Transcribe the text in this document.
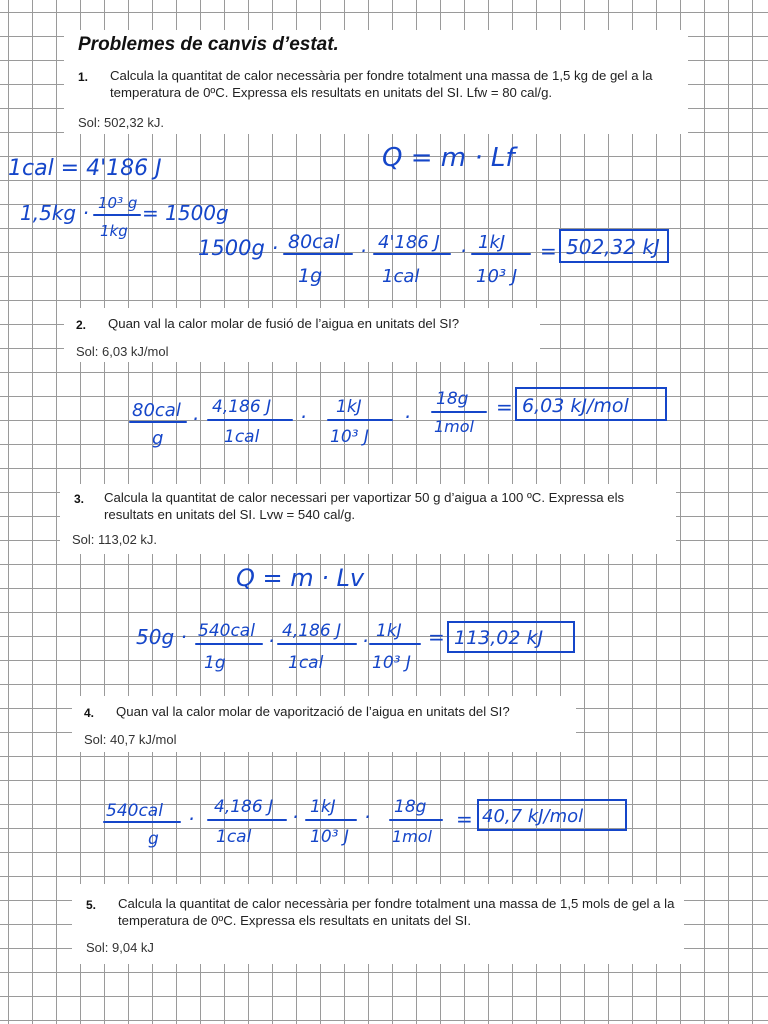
Problemes de canvis d’estat.
1. Calcula la quantitat de calor necessària per fondre totalment una massa de 1,5 kg de gel a la temperatura de 0ºC. Expressa els resultats en unitats del SI. Lfw = 80 cal/g.
Sol: 502,32 kJ.
2. Quan val la calor molar de fusió de l’aigua en unitats del SI?
Sol: 6,03 kJ/mol
3. Calcula la quantitat de calor necessari per vaportizar 50 g d’aigua a 100 ºC. Expressa els resultats en unitats del SI. Lvw = 540 cal/g.
Sol: 113,02 kJ.
4. Quan val la calor molar de vaporització de l’aigua en unitats del SI?
Sol: 40,7 kJ/mol
5. Calcula la quantitat de calor necessària per fondre totalment una massa de 1,5 mols de gel a la temperatura de 0ºC. Expressa els resultats en unitats del SI.
Sol: 9,04 kJ
Q = m · Lf
1cal = 4'186 J
1,5kg · 10³ g
1kg
= 1500g
1500g · 80cal
1g
· 4'186 J
1cal
· 1kJ
10³ J
= 502,32 kJ
80cal
g
· 4,186 J
1cal
· 1kJ
10³ J
·
18g
1mol
= 6,03 kJ/mol
Q = m · Lv
50g · 540cal
1g
· 4,186 J
1cal
· 1kJ
10³ J
= 113,02 kJ
540cal
g
· 4,186 J
1cal
· 1kJ
10³ J
· 18g
1mol
= 40,7 kJ/mol
